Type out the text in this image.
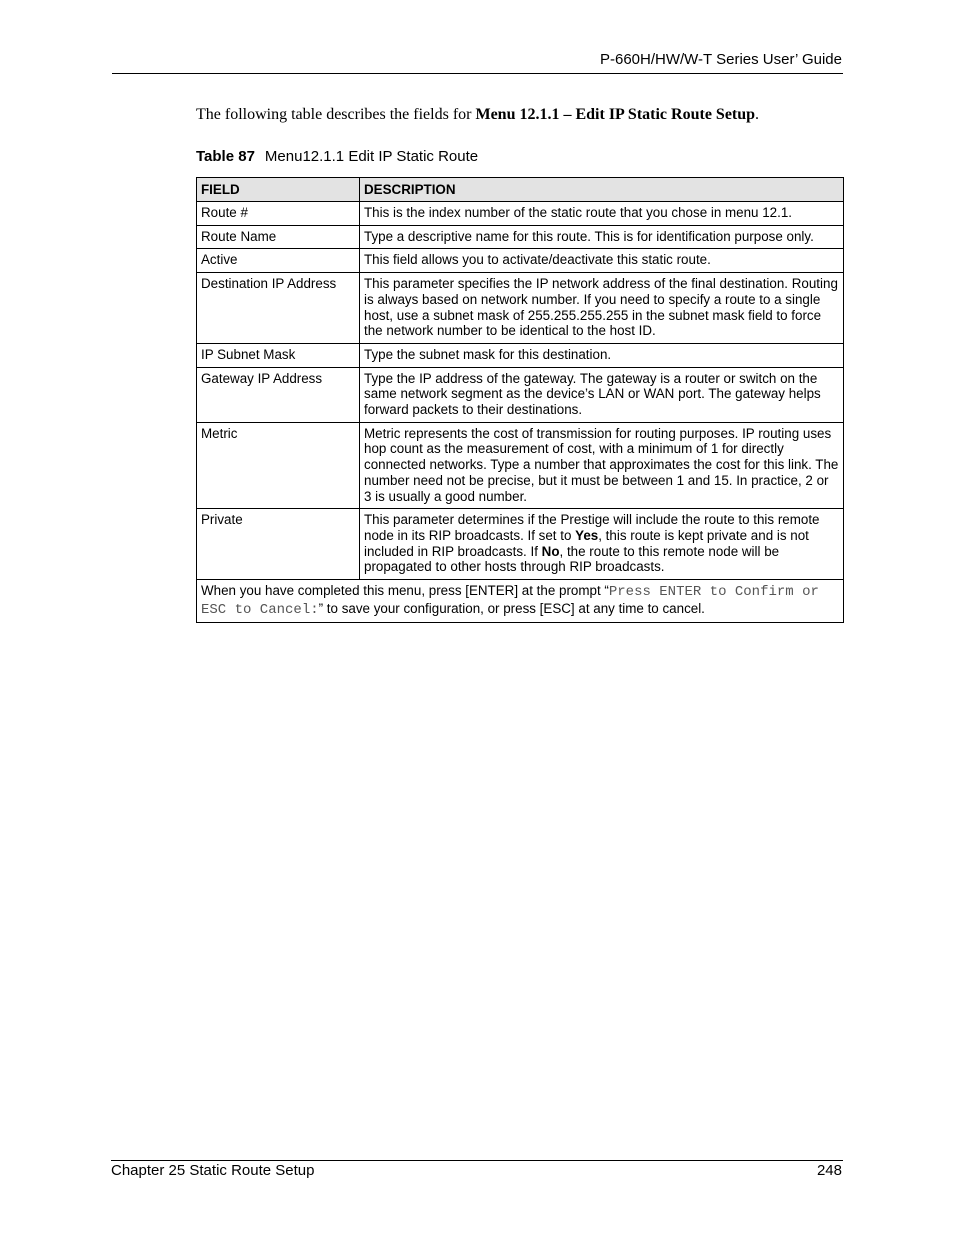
P-660H/HW/W-T Series User’ Guide
The following table describes the fields for Menu 12.1.1 – Edit IP Static Route Setup.
Table 87 Menu12.1.1 Edit IP Static Route
FIELD	DESCRIPTION
Route #	This is the index number of the static route that you chose in menu 12.1.
Route Name	Type a descriptive name for this route. This is for identification purpose only.
Active	This field allows you to activate/deactivate this static route.
Destination IP Address	This parameter specifies the IP network address of the final destination. Routing is always based on network number. If you need to specify a route to a single host, use a subnet mask of 255.255.255.255 in the subnet mask field to force the network number to be identical to the host ID.
IP Subnet Mask	Type the subnet mask for this destination.
Gateway IP Address	Type the IP address of the gateway. The gateway is a router or switch on the same network segment as the device’s LAN or WAN port. The gateway helps forward packets to their destinations.
Metric	Metric represents the cost of transmission for routing purposes. IP routing uses hop count as the measurement of cost, with a minimum of 1 for directly connected networks. Type a number that approximates the cost for this link. The number need not be precise, but it must be between 1 and 15. In practice, 2 or 3 is usually a good number.
Private	This parameter determines if the Prestige will include the route to this remote node in its RIP broadcasts. If set to Yes, this route is kept private and is not included in RIP broadcasts. If No, the route to this remote node will be propagated to other hosts through RIP broadcasts.
When you have completed this menu, press [ENTER] at the prompt “Press ENTER to Confirm or ESC to Cancel:” to save your configuration, or press [ESC] at any time to cancel.	
Chapter 25 Static Route Setup	248
